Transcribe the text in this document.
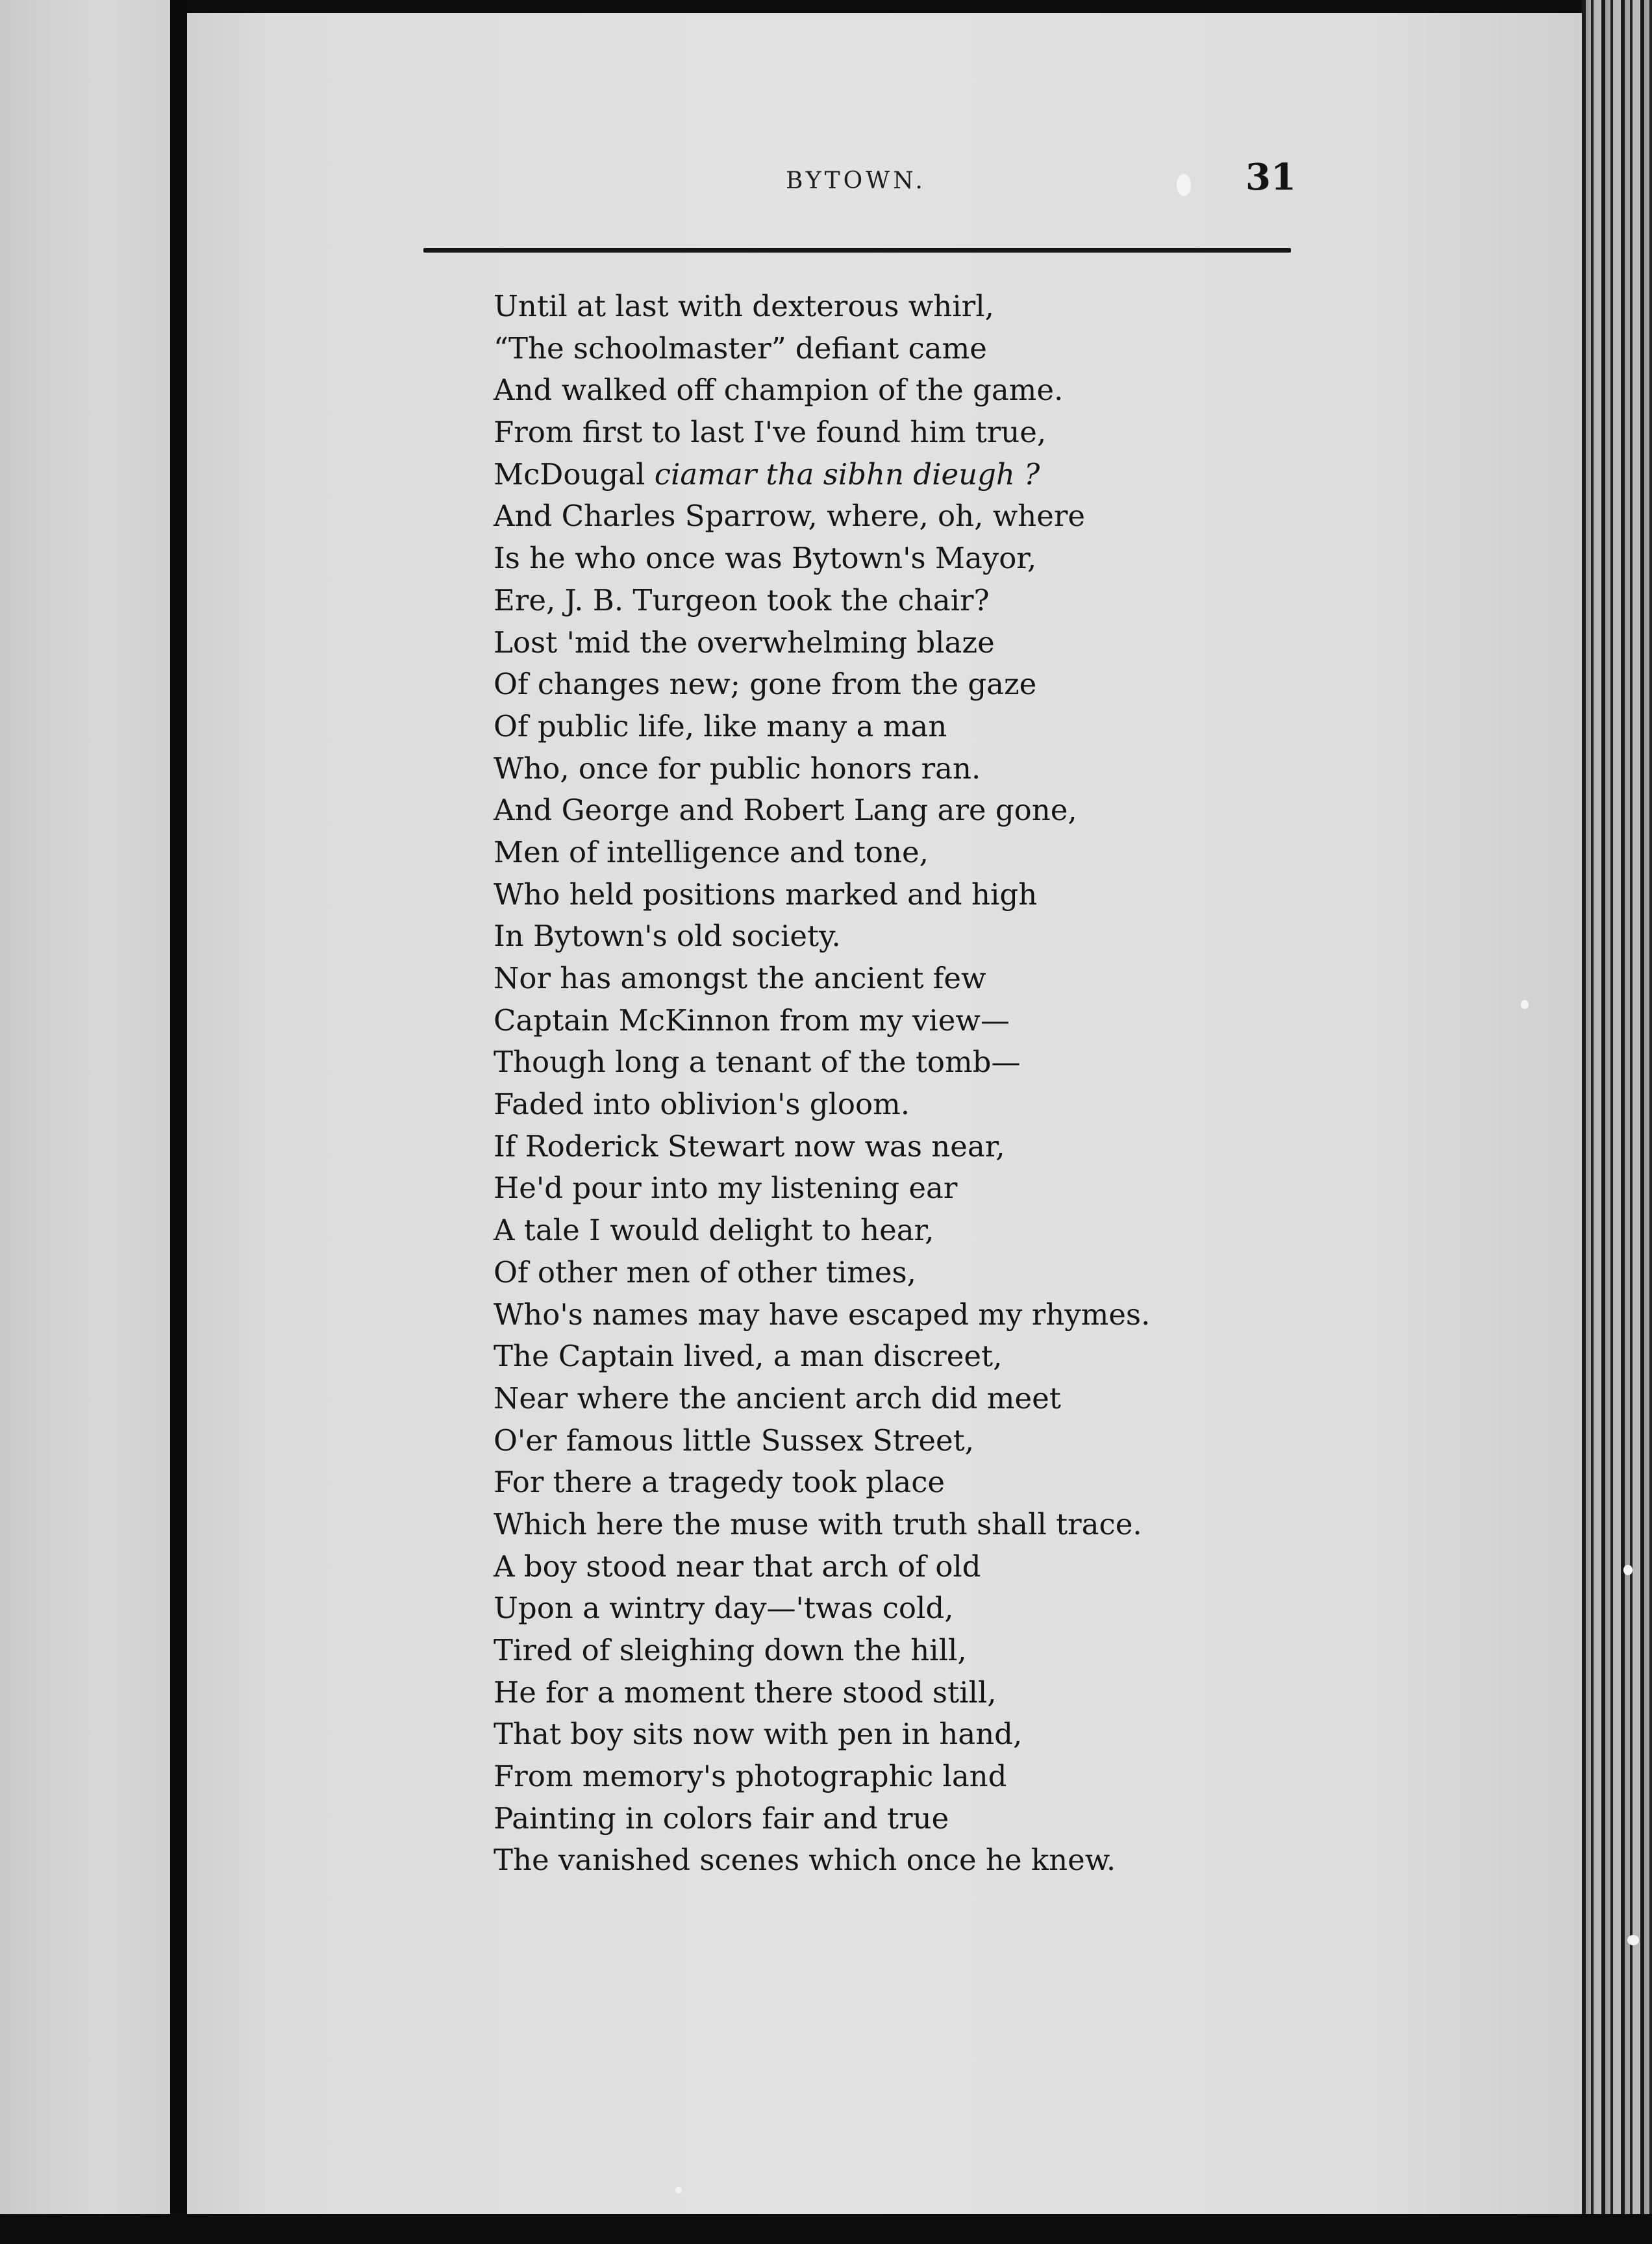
BYTOWN.	31
Until at last with dexterous whirl,
“The schoolmaster” defiant came
And walked off champion of the game.
From first to last I've found him true,
McDougal ciamar tha sibhn dieugh ?
And Charles Sparrow, where, oh, where
Is he who once was Bytown's Mayor,
Ere, J. B. Turgeon took the chair?
Lost 'mid the overwhelming blaze
Of changes new; gone from the gaze
Of public life, like many a man
Who, once for public honors ran.
And George and Robert Lang are gone,
Men of intelligence and tone,
Who held positions marked and high
In Bytown's old society.
Nor has amongst the ancient few
Captain McKinnon from my view—
Though long a tenant of the tomb—
Faded into oblivion's gloom.
If Roderick Stewart now was near,
He'd pour into my listening ear
A tale I would delight to hear,
Of other men of other times,
Who's names may have escaped my rhymes.
The Captain lived, a man discreet,
Near where the ancient arch did meet
O'er famous little Sussex Street,
For there a tragedy took place
Which here the muse with truth shall trace.
A boy stood near that arch of old
Upon a wintry day—'twas cold,
Tired of sleighing down the hill,
He for a moment there stood still,
That boy sits now with pen in hand,
From memory's photographic land
Painting in colors fair and true
The vanished scenes which once he knew.
